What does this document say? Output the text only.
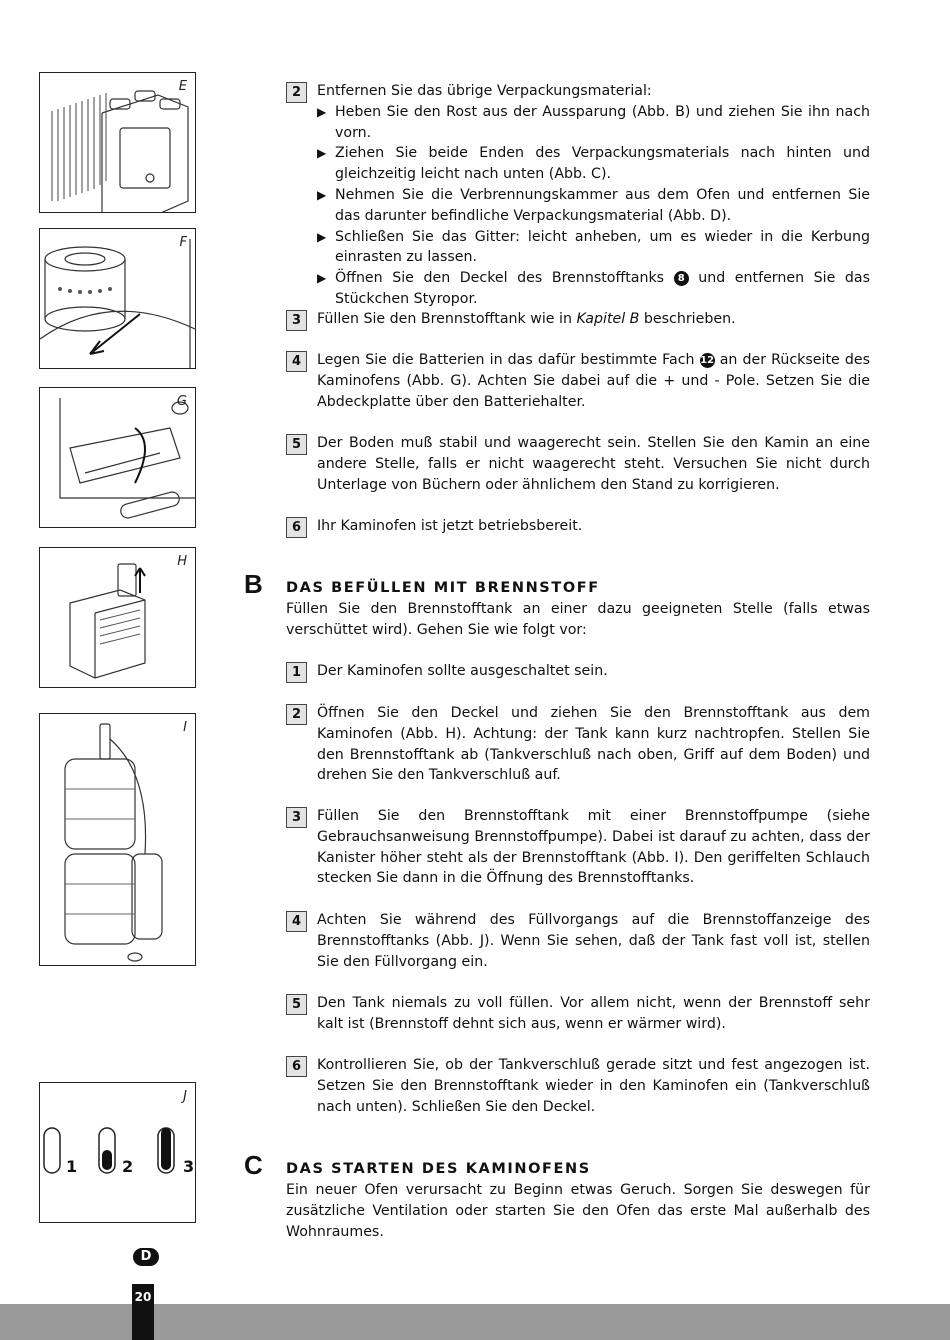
E
F
G
H
I
J
1	2	3
2	Entfernen Sie das übrige Verpackungsmaterial:
▶ Heben Sie den Rost aus der Aussparung (Abb. B) und ziehen Sie ihn nach vorn.
▶ Ziehen Sie beide Enden des Verpackungsmaterials nach hinten und gleichzeitig leicht nach unten (Abb. C).
▶ Nehmen Sie die Verbrennungskammer aus dem Ofen und entfernen Sie das darunter befindliche Verpackungsmaterial (Abb. D).
▶ Schließen Sie das Gitter: leicht anheben, um es wieder in die Kerbung einrasten zu lassen.
▶ Öffnen Sie den Deckel des Brennstofftanks 8 und entfernen Sie das Stückchen Styropor.
3	Füllen Sie den Brennstofftank wie in Kapitel B beschrieben.
4	Legen Sie die Batterien in das dafür bestimmte Fach 12 an der Rückseite des Kaminofens (Abb. G). Achten Sie dabei auf die + und - Pole. Setzen Sie die Abdeckplatte über den Batteriehalter.
5	Der Boden muß stabil und waagerecht sein. Stellen Sie den Kamin an eine andere Stelle, falls er nicht waagerecht steht. Versuchen Sie nicht durch Unterlage von Büchern oder ähnlichem den Stand zu korrigieren.
6	Ihr Kaminofen ist jetzt betriebsbereit.
B DAS BEFÜLLEN MIT BRENNSTOFF
Füllen Sie den Brennstofftank an einer dazu geeigneten Stelle (falls etwas verschüttet wird). Gehen Sie wie folgt vor:
1	Der Kaminofen sollte ausgeschaltet sein.
2	Öffnen Sie den Deckel und ziehen Sie den Brennstofftank aus dem Kaminofen (Abb. H). Achtung: der Tank kann kurz nachtropfen. Stellen Sie den Brennstofftank ab (Tankverschluß nach oben, Griff auf dem Boden) und drehen Sie den Tankverschluß auf.
3	Füllen Sie den Brennstofftank mit einer Brennstoffpumpe (siehe Gebrauchsanweisung Brennstoffpumpe). Dabei ist darauf zu achten, dass der Kanister höher steht als der Brennstofftank (Abb. I). Den geriffelten Schlauch stecken Sie dann in die Öffnung des Brennstofftanks.
4	Achten Sie während des Füllvorgangs auf die Brennstoffanzeige des Brennstofftanks (Abb. J). Wenn Sie sehen, daß der Tank fast voll ist, stellen Sie den Füllvorgang ein.
5	Den Tank niemals zu voll füllen. Vor allem nicht, wenn der Brennstoff sehr kalt ist (Brennstoff dehnt sich aus, wenn er wärmer wird).
6	Kontrollieren Sie, ob der Tankverschluß gerade sitzt und fest angezogen ist. Setzen Sie den Brennstofftank wieder in den Kaminofen ein (Tankverschluß nach unten). Schließen Sie den Deckel.
C DAS STARTEN DES KAMINOFENS
Ein neuer Ofen verursacht zu Beginn etwas Geruch. Sorgen Sie deswegen für zusätzliche Ventilation oder starten Sie den Ofen das erste Mal außerhalb des Wohnraumes.
D
20
